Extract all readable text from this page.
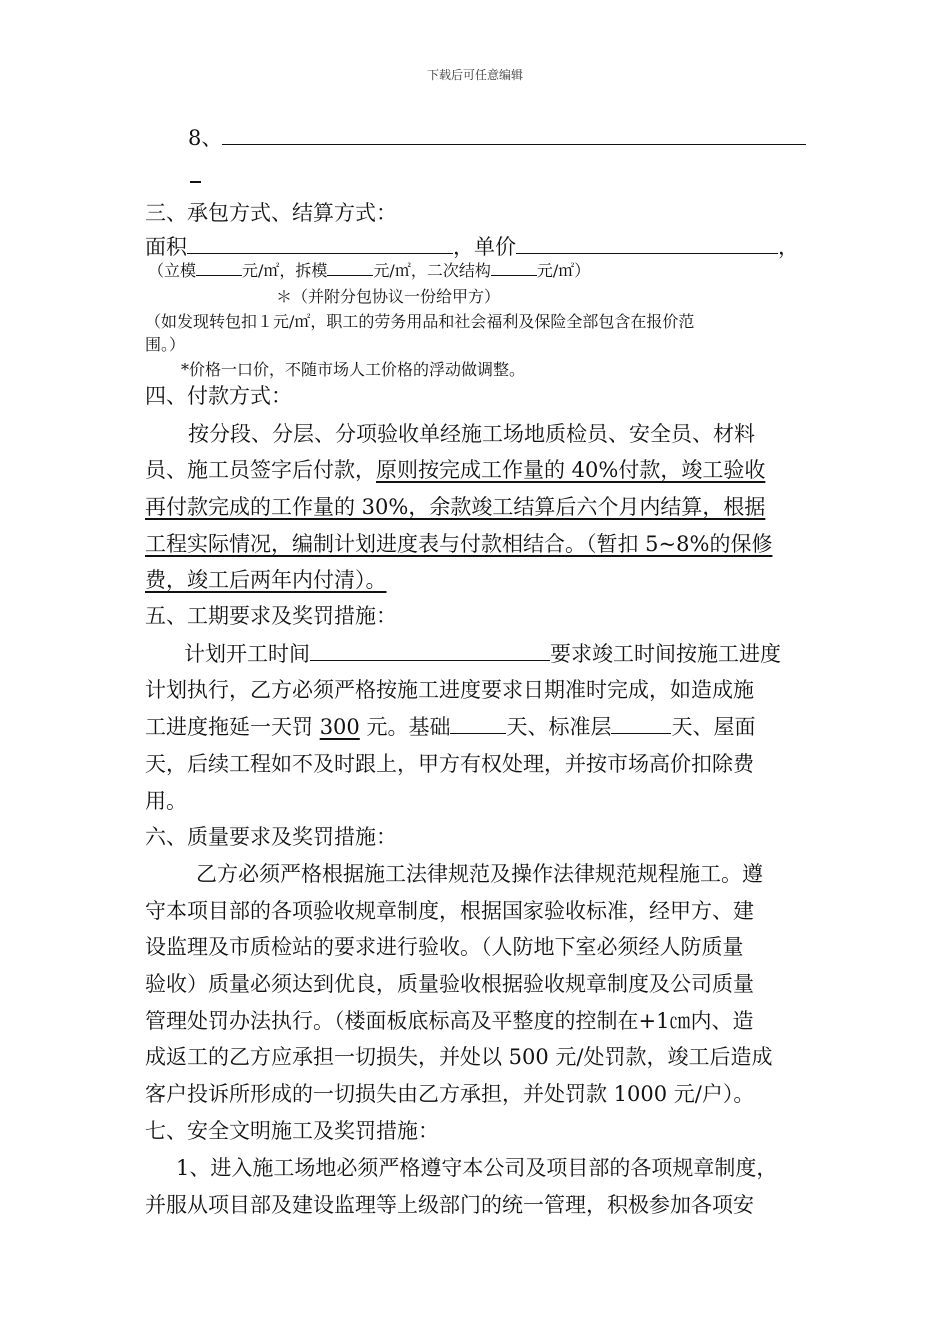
下载后可任意编辑
8、
三、承包方式、结算方式：
面积	，单价	，
（立模	元/㎡，拆模	元/㎡，二次结构	元/㎡）
＊（并附分包协议一份给甲方）
（如发现转包扣１元/㎡，职工的劳务用品和社会福利及保险全部包含在报价范
围。）
*价格一口价，不随市场人工价格的浮动做调整。
四、付款方式：
按分段、分层、分项验收单经施工场地质检员、安全员、材料
员、施工员签字后付款，原则按完成工作量的 40%付款，竣工验收
再付款完成的工作量的 30%，余款竣工结算后六个月内结算，根据
工程实际情况，编制计划进度表与付款相结合。（暂扣 5~8%的保修
费，竣工后两年内付清）。
五、工期要求及奖罚措施：
计划开工时间	要求竣工时间按施工进度
计划执行，乙方必须严格按施工进度要求日期准时完成，如造成施
工进度拖延一天罚 300 元。基础	天、标准层	天、屋面
天，后续工程如不及时跟上，甲方有权处理，并按市场高价扣除费
用。
六、质量要求及奖罚措施：
乙方必须严格根据施工法律规范及操作法律规范规程施工。遵
守本项目部的各项验收规章制度，根据国家验收标准，经甲方、建
设监理及市质检站的要求进行验收。（人防地下室必须经人防质量
验收）质量必须达到优良，质量验收根据验收规章制度及公司质量
管理处罚办法执行。（楼面板底标高及平整度的控制在+1㎝内、造
成返工的乙方应承担一切损失，并处以 500 元/处罚款，竣工后造成
客户投诉所形成的一切损失由乙方承担，并处罚款 1000 元/户）。
七、安全文明施工及奖罚措施：
1、进入施工场地必须严格遵守本公司及项目部的各项规章制度，
并服从项目部及建设监理等上级部门的统一管理，积极参加各项安
